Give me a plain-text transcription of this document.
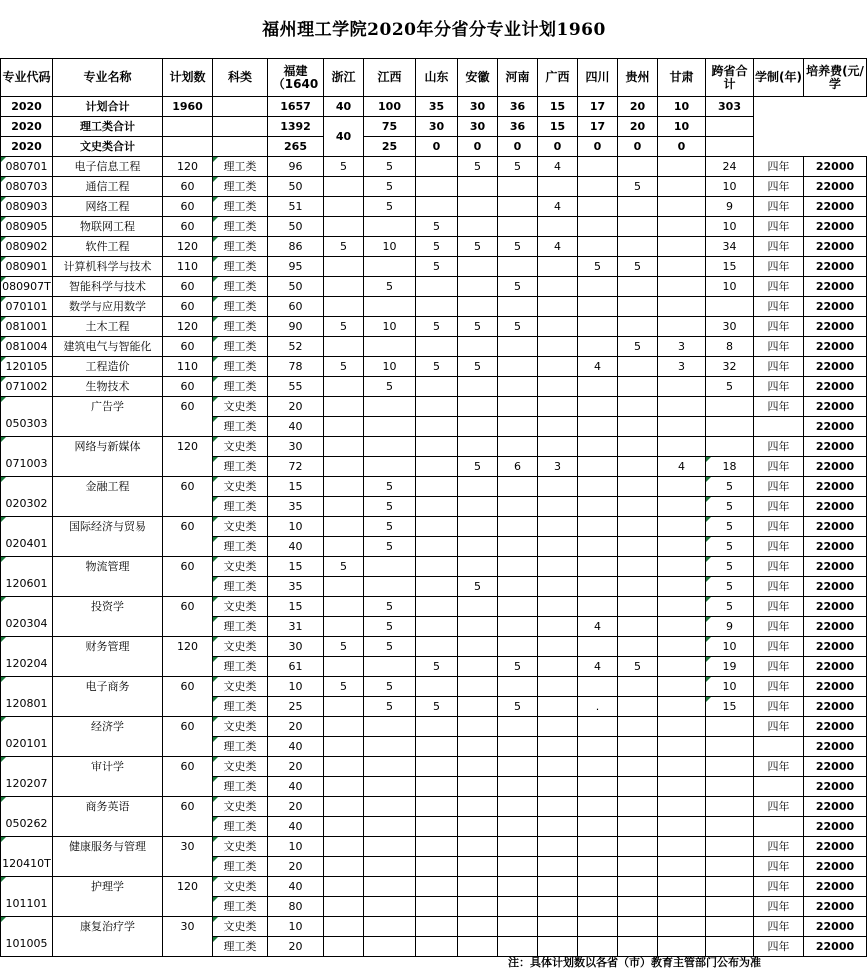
福州理工学院2020年分省分专业计划1960
专业代码	专业名称	计划数	科类	福建（1640	浙江	江西	山东	安徽	河南	广西	四川	贵州	甘肃	跨省合计	学制(年)	培养费(元/学
2020	计划合计	1960		1657	40	100	35	30	36	15	17	20	10	303		
2020	理工类合计			1392	40	75	30	30	36	15	17	20	10			
2020	文史类合计			265		25	0	0	0	0	0	0	0			
080701	电子信息工程	120	理工类	96	5	5		5	5	4				24	四年	22000
080703	通信工程	60	理工类	50		5						5		10	四年	22000
080903	网络工程	60	理工类	51		5				4				9	四年	22000
080905	物联网工程	60	理工类	50			5							10	四年	22000
080902	软件工程	120	理工类	86	5	10	5	5	5	4				34	四年	22000
080901	计算机科学与技术	110	理工类	95			5				5	5		15	四年	22000
080907T	智能科学与技术	60	理工类	50		5			5					10	四年	22000
070101	数学与应用数学	60	理工类	60											四年	22000
081001	土木工程	120	理工类	90	5	10	5	5	5					30	四年	22000
081004	建筑电气与智能化	60	理工类	52								5	3	8	四年	22000
120105	工程造价	110	理工类	78	5	10	5	5			4		3	32	四年	22000
071002	生物技术	60	理工类	55		5								5	四年	22000
050303	广告学	60	文史类	20											四年	22000
			理工类	40												22000
071003	网络与新媒体	120	文史类	30											四年	22000
			理工类	72				5	6	3			4	18	四年	22000
020302	金融工程	60	文史类	15		5								5	四年	22000
			理工类	35		5								5	四年	22000
020401	国际经济与贸易	60	文史类	10		5								5	四年	22000
			理工类	40		5								5	四年	22000
120601	物流管理	60	文史类	15	5									5	四年	22000
			理工类	35				5						5	四年	22000
020304	投资学	60	文史类	15		5								5	四年	22000
			理工类	31		5					4			9	四年	22000
120204	财务管理	120	文史类	30	5	5								10	四年	22000
			理工类	61			5		5		4	5		19	四年	22000
120801	电子商务	60	文史类	10	5	5								10	四年	22000
			理工类	25		5	5		5		.			15	四年	22000
020101	经济学	60	文史类	20											四年	22000
			理工类	40												22000
120207	审计学	60	文史类	20											四年	22000
			理工类	40												22000
050262	商务英语	60	文史类	20											四年	22000
			理工类	40												22000
120410T	健康服务与管理	30	文史类	10											四年	22000
			理工类	20											四年	22000
101101	护理学	120	文史类	40											四年	22000
			理工类	80											四年	22000
101005	康复治疗学	30	文史类	10											四年	22000
			理工类	20											四年	22000
注：具体计划数以各省（市）教育主管部门公布为准
